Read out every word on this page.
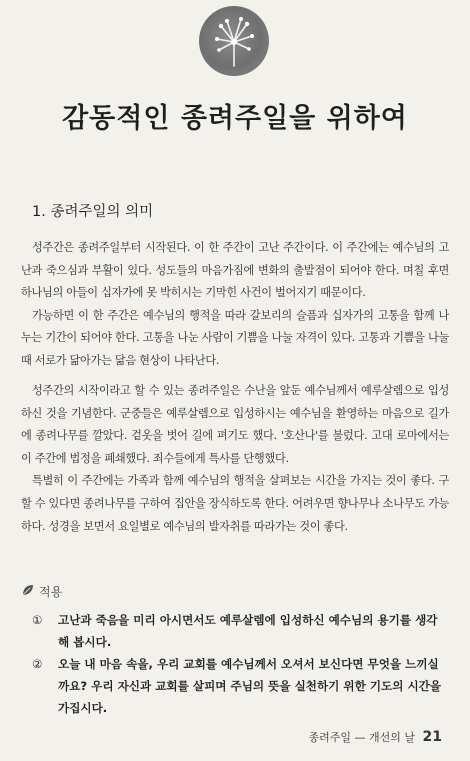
감동적인 종려주일을 위하여
1. 종려주일의 의미

성주간은 종려주일부터 시작된다. 이 한 주간이 고난 주간이다. 이 주간에는 예수님의 고난과 죽으심과 부활이 있다. 성도들의 마음가짐에 변화의 출발점이 되어야 한다. 며칠 후면 하나님의 아들이 십자가에 못 박히시는 기막힌 사건이 벌어지기 때문이다.

가능하면 이 한 주간은 예수님의 행적을 따라 갈보리의 슬픔과 십자가의 고통을 함께 나누는 기간이 되어야 한다. 고통을 나눈 사람이 기쁨을 나눌 자격이 있다. 고통과 기쁨을 나눌 때 서로가 닮아가는 닮음 현상이 나타난다.

성주간의 시작이라고 할 수 있는 종려주일은 수난을 앞둔 예수님께서 예루살렘으로 입성하신 것을 기념한다. 군중들은 예루살렘으로 입성하시는 예수님을 환영하는 마음으로 길가에 종려나무를 깔았다. 겉옷을 벗어 길에 펴기도 했다. '호산나'를 불렀다. 고대 로마에서는 이 주간에 법정을 폐쇄했다. 죄수들에게 특사를 단행했다.

특별히 이 주간에는 가족과 함께 예수님의 행적을 살펴보는 시간을 가지는 것이 좋다. 구할 수 있다면 종려나무를 구하여 집안을 장식하도록 한다. 어려우면 향나무나 소나무도 가능하다. 성경을 보면서 요일별로 예수님의 발자취를 따라가는 것이 좋다.

적용
①	고난과 죽음을 미리 아시면서도 예루살렘에 입성하신 예수님의 용기를 생각해 봅시다.
②	오늘 내 마음 속을, 우리 교회를 예수님께서 오셔서 보신다면 무엇을 느끼실까요? 우리 자신과 교회를 살피며 주님의 뜻을 실천하기 위한 기도의 시간을 가집시다.
종려주일 — 개선의 날 21
